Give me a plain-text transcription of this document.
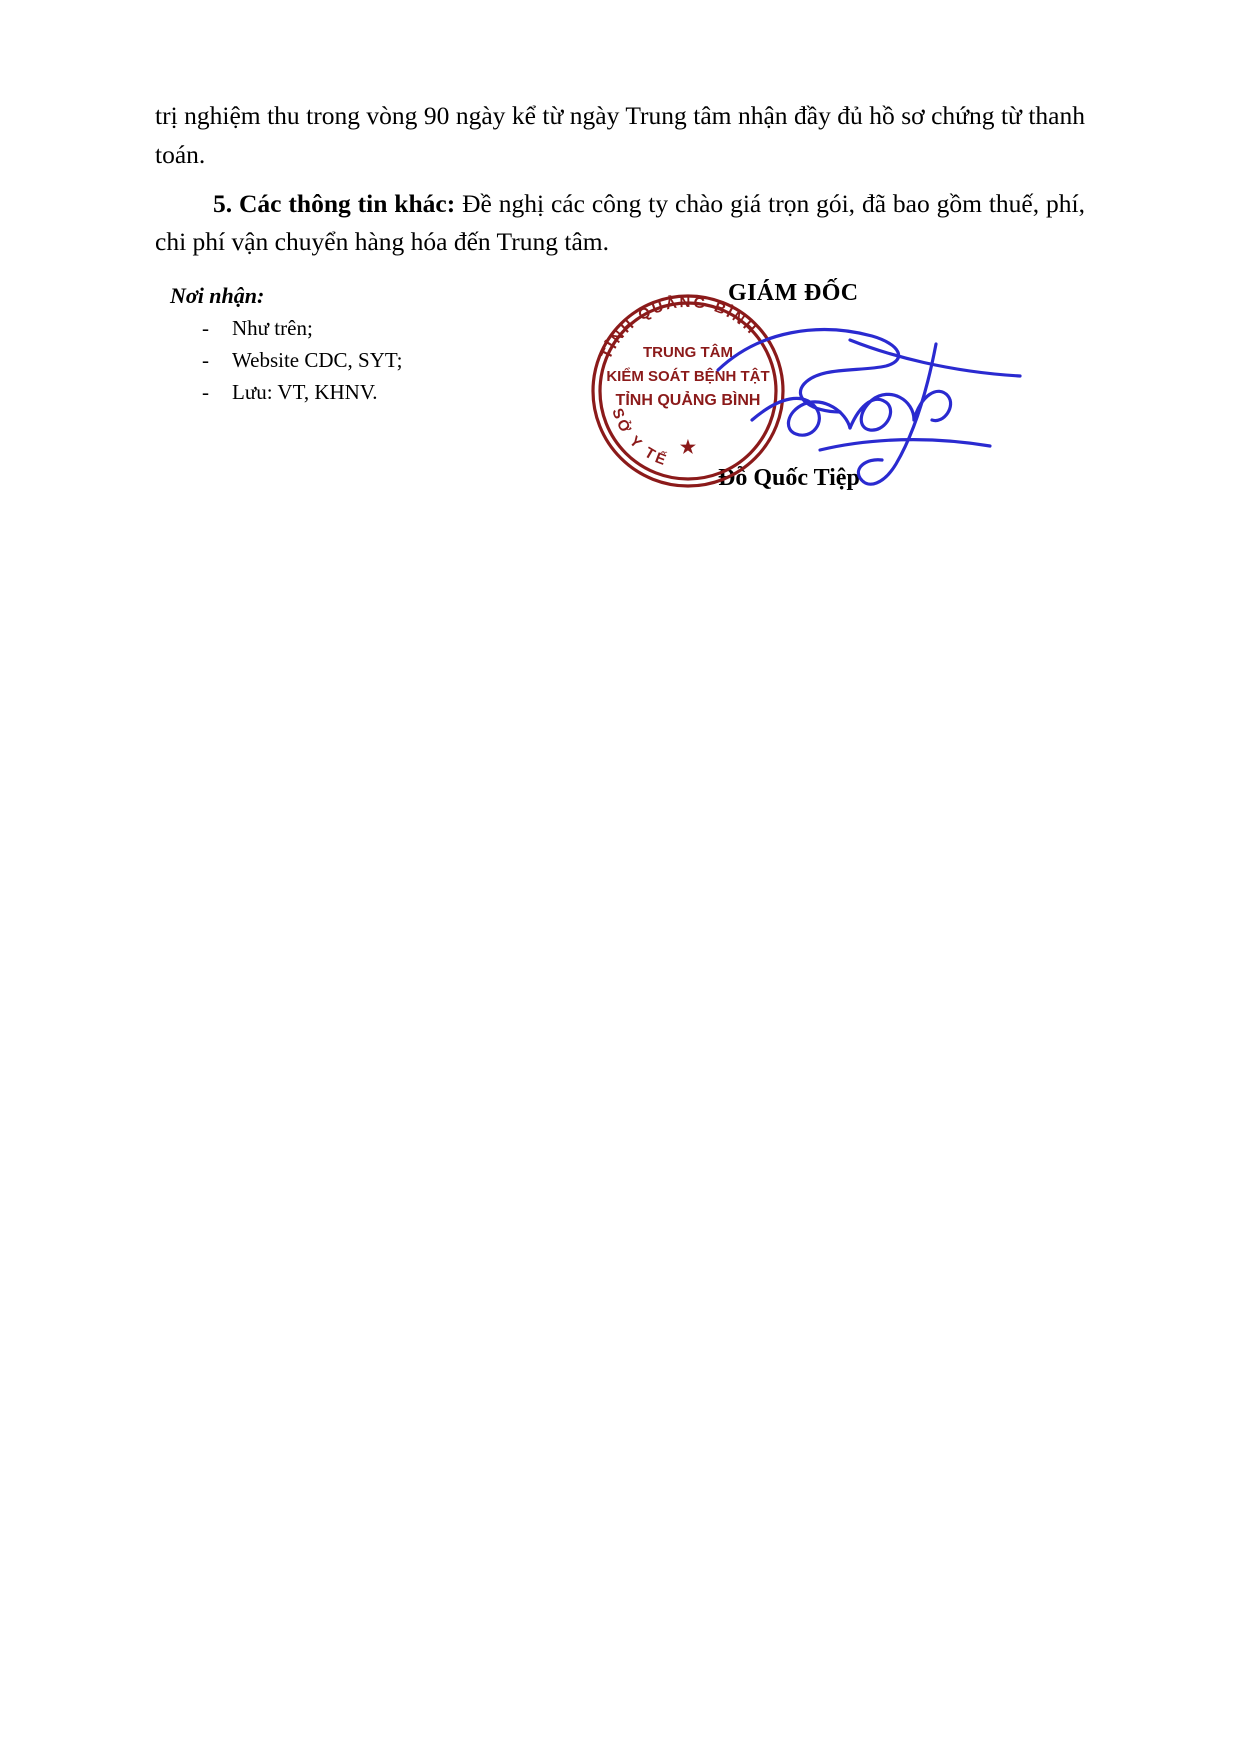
trị nghiệm thu trong vòng 90 ngày kể từ ngày Trung tâm nhận đầy đủ hồ sơ chứng từ thanh toán.

5. Các thông tin khác: Đề nghị các công ty chào giá trọn gói, đã bao gồm thuế, phí, chi phí vận chuyển hàng hóa đến Trung tâm.

Nơi nhận:

- Như trên;
- Website CDC, SYT;
- Lưu: VT, KHNV.

GIÁM ĐỐC

Đỗ Quốc Tiệp

TỈNH QUẢNG BÌNH
SỞ Y TẾ
TRUNG TÂM
KIỂM SOÁT BỆNH TẬT
TỈNH QUẢNG BÌNH
★
